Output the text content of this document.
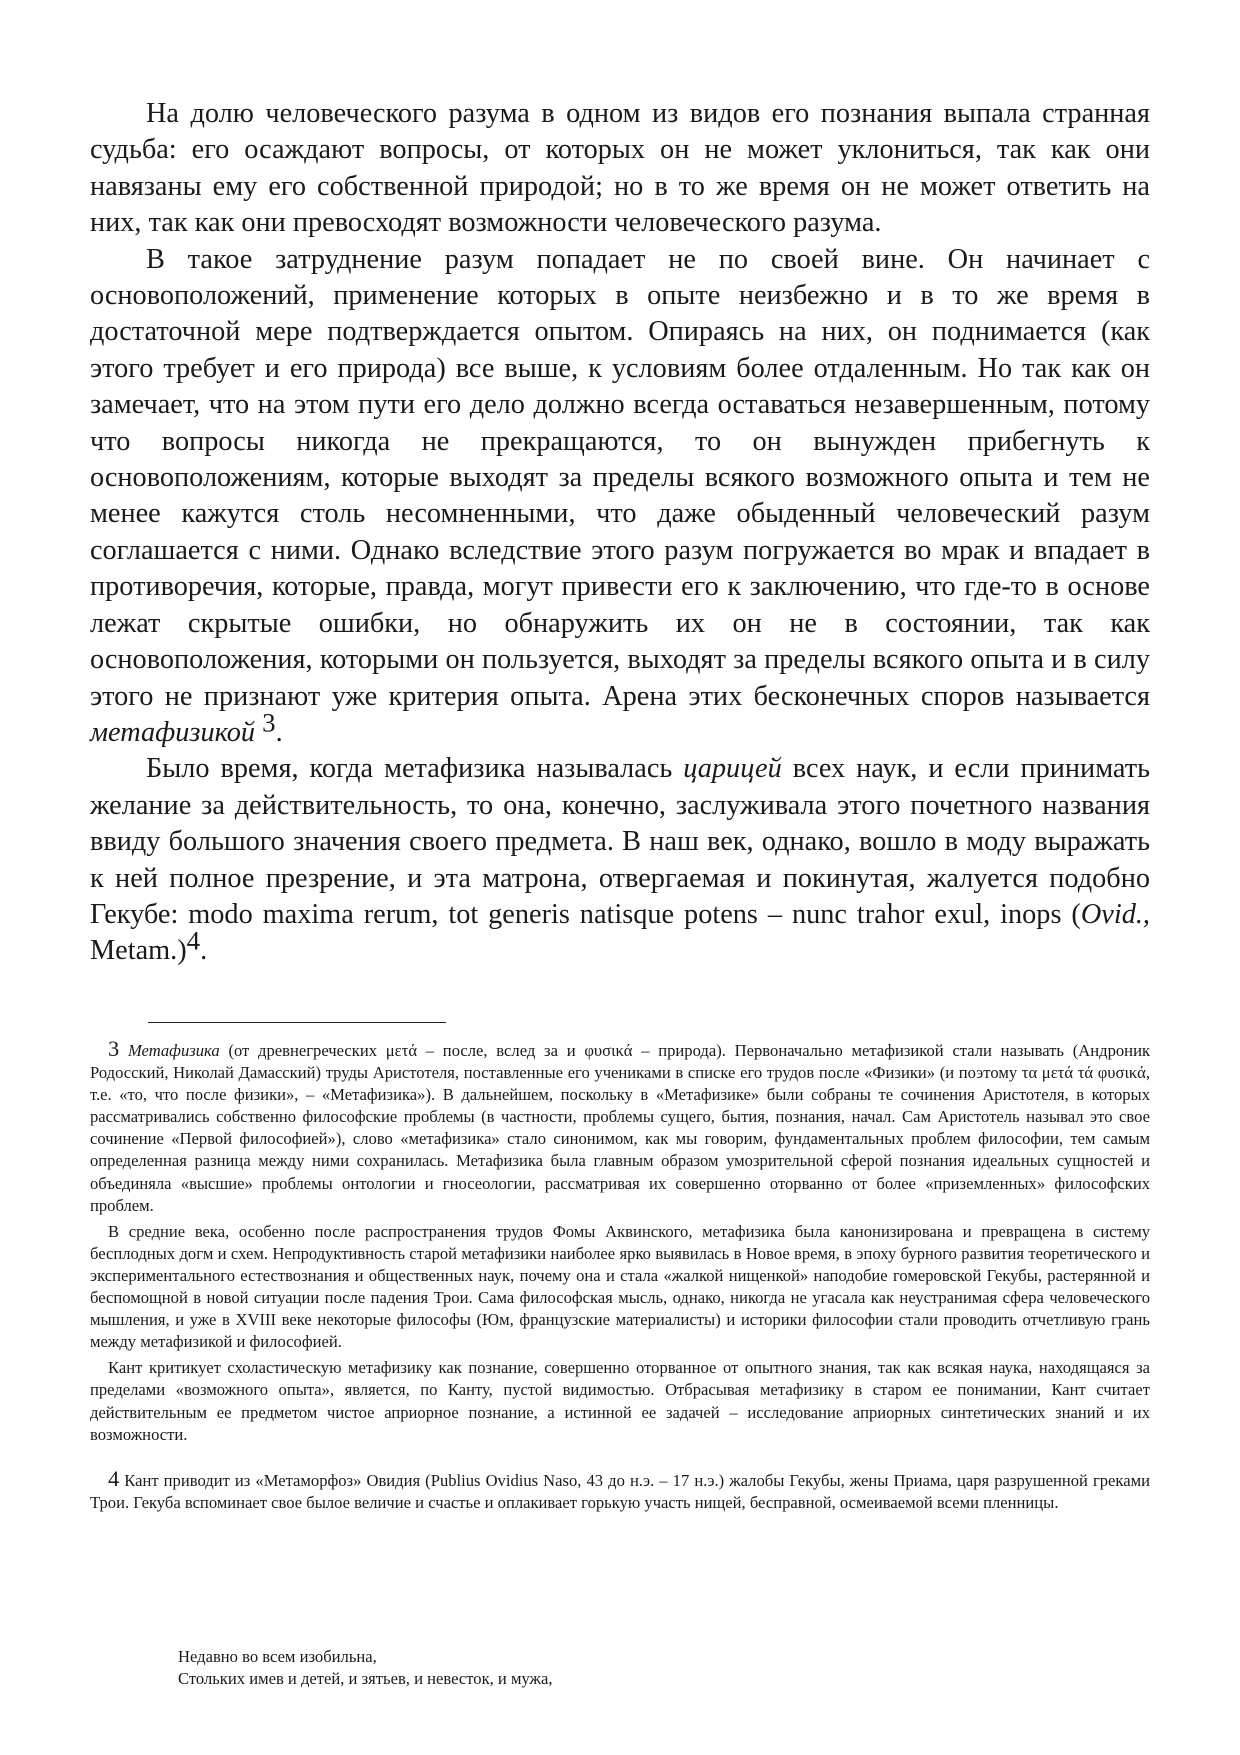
На долю человеческого разума в одном из видов его познания выпала странная судьба: его осаждают вопросы, от которых он не может уклониться, так как они навязаны ему его собственной природой; но в то же время он не может ответить на них, так как они превосходят возможности человеческого разума.

В такое затруднение разум попадает не по своей вине. Он начинает с основоположений, применение которых в опыте неизбежно и в то же время в достаточной мере подтверждается опытом. Опираясь на них, он поднимается (как этого требует и его природа) все выше, к условиям более отдаленным. Но так как он замечает, что на этом пути его дело должно всегда оставаться незавершенным, потому что вопросы никогда не прекращаются, то он вынужден прибегнуть к основоположениям, которые выходят за пределы всякого возможного опыта и тем не менее кажутся столь несомненными, что даже обыденный человеческий разум соглашается с ними. Однако вследствие этого разум погружается во мрак и впадает в противоречия, которые, правда, могут привести его к заключению, что где-то в основе лежат скрытые ошибки, но обнаружить их он не в состоянии, так как основоположения, которыми он пользуется, выходят за пределы всякого опыта и в силу этого не признают уже критерия опыта. Арена этих бесконечных споров называется метафизикой $^3$.

Было время, когда метафизика называлась царицей всех наук, и если принимать желание за действительность, то она, конечно, заслуживала этого почетного названия ввиду большого значения своего предмета. В наш век, однако, вошло в моду выражать к ней полное презрение, и эта матрона, отвергаемая и покинутая, жалуется подобно Гекубе: modo maxima rerum, tot generis natisque potens – nunc trahor exul, inops (Ovid., Metam.)$^4$.

3 Метафизика (от древнегреческих μετά – после, вслед за и φυσικά – природа). Первоначально метафизикой стали называть (Андроник Родосский, Николай Дамасский) труды Аристотеля, поставленные его учениками в списке его трудов после «Физики» (и поэтому τα μετά τά φυσικά, т.е. «то, что после физики», – «Метафизика»). В дальнейшем, поскольку в «Метафизике» были собраны те сочинения Аристотеля, в которых рассматривались собственно философские проблемы (в частности, проблемы сущего, бытия, познания, начал. Сам Аристотель называл это свое сочинение «Первой философией»), слово «метафизика» стало синонимом, как мы говорим, фундаментальных проблем философии, тем самым определенная разница между ними сохранилась. Метафизика была главным образом умозрительной сферой познания идеальных сущностей и объединяла «высшие» проблемы онтологии и гносеологии, рассматривая их совершенно оторванно от более «приземленных» философских проблем.

В средние века, особенно после распространения трудов Фомы Аквинского, метафизика была канонизирована и превращена в систему бесплодных догм и схем. Непродуктивность старой метафизики наиболее ярко выявилась в Новое время, в эпоху бурного развития теоретического и экспериментального естествознания и общественных наук, почему она и стала «жалкой нищенкой» наподобие гомеровской Гекубы, растерянной и беспомощной в новой ситуации после падения Трои. Сама философская мысль, однако, никогда не угасала как неустранимая сфера человеческого мышления, и уже в XVIII веке некоторые философы (Юм, французские материалисты) и историки философии стали проводить отчетливую грань между метафизикой и философией.

Кант критикует схоластическую метафизику как познание, совершенно оторванное от опытного знания, так как всякая наука, находящаяся за пределами «возможного опыта», является, по Канту, пустой видимостью. Отбрасывая метафизику в старом ее понимании, Кант считает действительным ее предметом чистое априорное познание, а истинной ее задачей – исследование априорных синтетических знаний и их возможности.

4 Кант приводит из «Метаморфоз» Овидия (Publius Ovidius Naso, 43 до н.э. – 17 н.э.) жалобы Гекубы, жены Приама, царя разрушенной греками Трои. Гекуба вспоминает свое былое величие и счастье и оплакивает горькую участь нищей, бесправной, осмеиваемой всеми пленницы.

Недавно во всем изобильна,
Стольких имев и детей, и зятьев, и невесток, и мужа,
